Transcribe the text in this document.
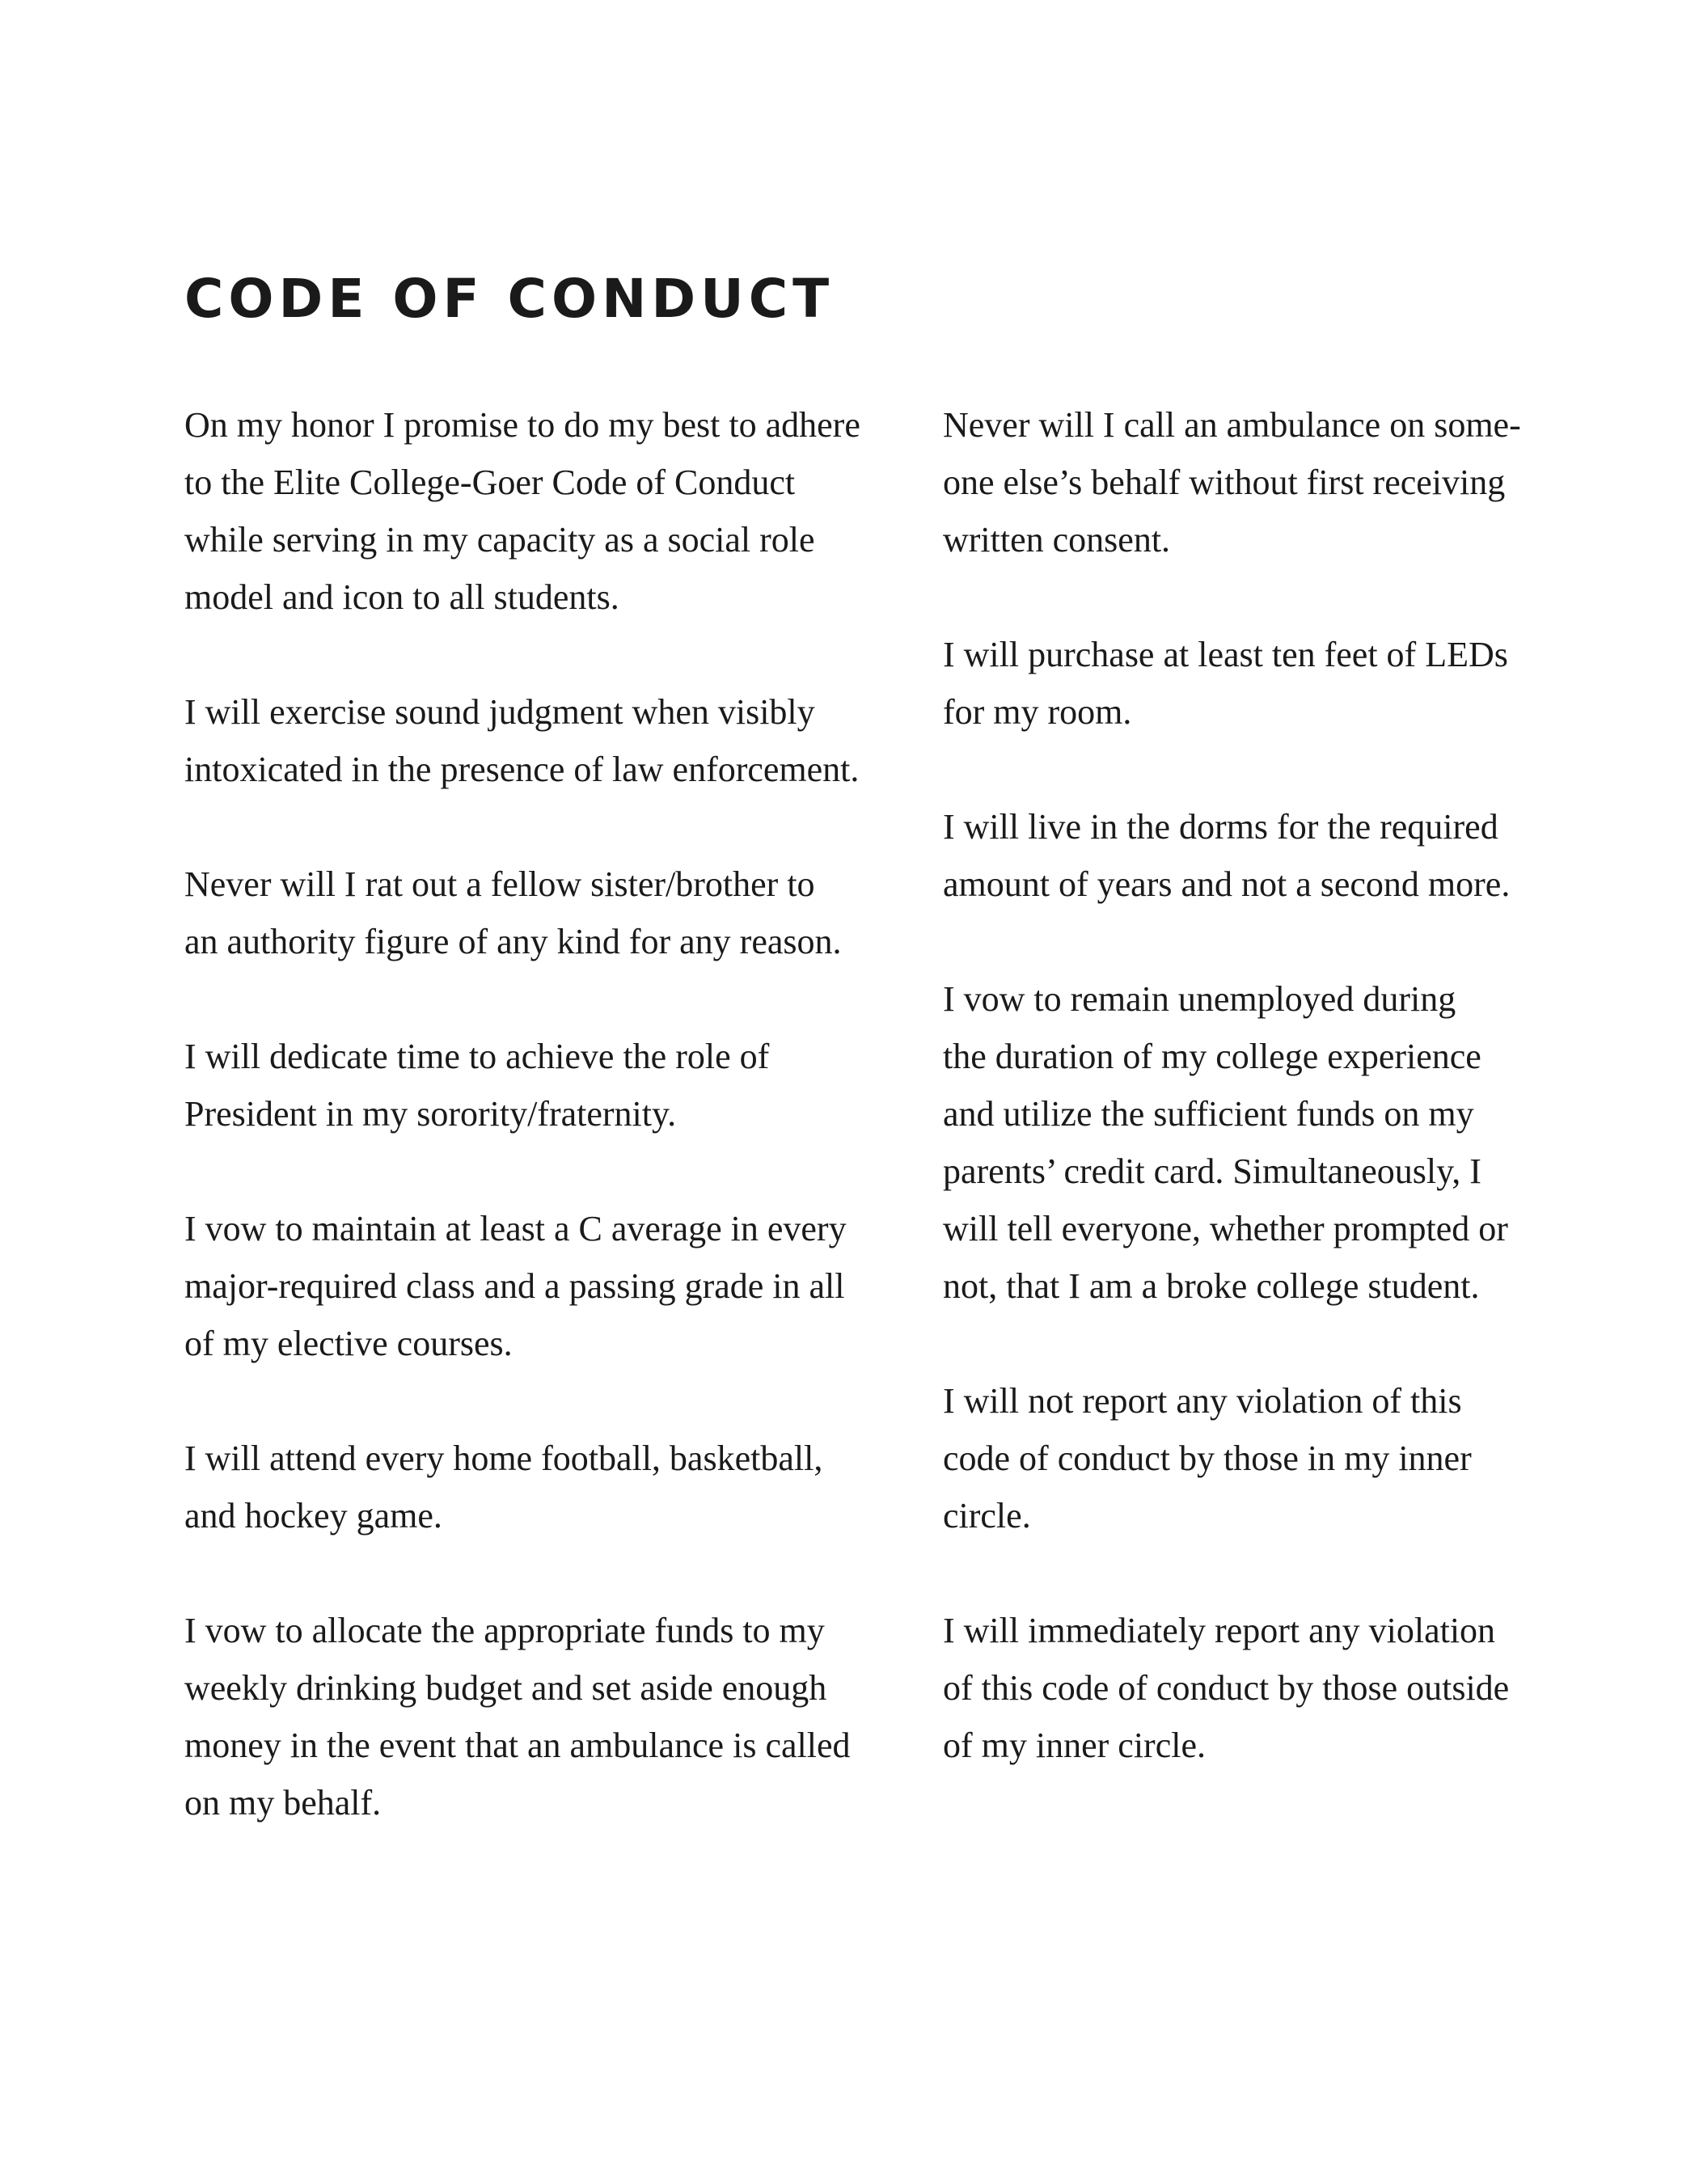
CODE OF CONDUCT

On my honor I promise to do my best to adhere
to the Elite College-Goer Code of Conduct
while serving in my capacity as a social role
model and icon to all students.

I will exercise sound judgment when visibly
intoxicated in the presence of law enforcement.

Never will I rat out a fellow sister/brother to
an authority figure of any kind for any reason.

I will dedicate time to achieve the role of
President in my sorority/fraternity.

I vow to maintain at least a C average in every
major-required class and a passing grade in all
of my elective courses.

I will attend every home football, basketball,
and hockey game.

I vow to allocate the appropriate funds to my
weekly drinking budget and set aside enough
money in the event that an ambulance is called
on my behalf.

Never will I call an ambulance on some-
one else’s behalf without first receiving
written consent.

I will purchase at least ten feet of LEDs
for my room.

I will live in the dorms for the required
amount of years and not a second more.

I vow to remain unemployed during
the duration of my college experience
and utilize the sufficient funds on my
parents’ credit card. Simultaneously, I
will tell everyone, whether prompted or
not, that I am a broke college student.

I will not report any violation of this
code of conduct by those in my inner
circle.

I will immediately report any violation
of this code of conduct by those outside
of my inner circle.
